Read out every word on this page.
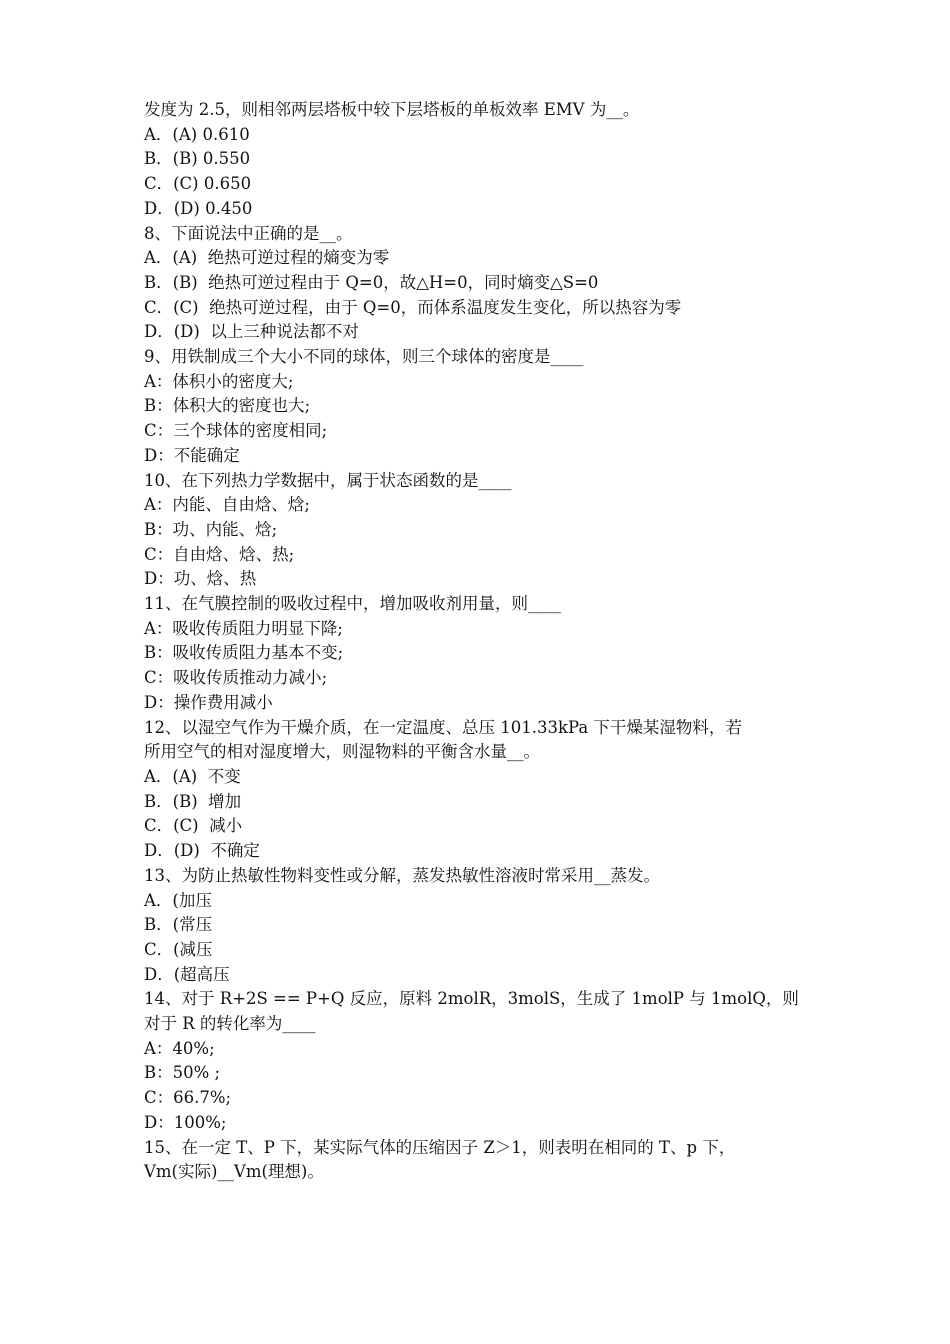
发度为 2.5，则相邻两层塔板中较下层塔板的单板效率 EMV 为__。
A．(A) 0.610
B．(B) 0.550
C．(C) 0.650
D．(D) 0.450
8、下面说法中正确的是__。
A．(A)  绝热可逆过程的熵变为零
B．(B)  绝热可逆过程由于 Q=0，故△H=0，同时熵变△S=0
C．(C)  绝热可逆过程，由于 Q=0，而体系温度发生变化，所以热容为零
D．(D)  以上三种说法都不对
9、用铁制成三个大小不同的球体，则三个球体的密度是____
A：体积小的密度大;
B：体积大的密度也大;
C：三个球体的密度相同;
D：不能确定
10、在下列热力学数据中，属于状态函数的是____
A：内能、自由焓、焓;
B：功、内能、焓;
C：自由焓、焓、热;
D：功、焓、热
11、在气膜控制的吸收过程中，增加吸收剂用量，则____
A：吸收传质阻力明显下降;
B：吸收传质阻力基本不变;
C：吸收传质推动力减小;
D：操作费用减小
12、以湿空气作为干燥介质，在一定温度、总压 101.33kPa 下干燥某湿物料，若
所用空气的相对湿度增大，则湿物料的平衡含水量__。
A．(A)  不变
B．(B)  增加
C．(C)  减小
D．(D)  不确定
13、为防止热敏性物料变性或分解，蒸发热敏性溶液时常采用__蒸发。
A．(加压
B．(常压
C．(减压
D．(超高压
14、对于 R+2S == P+Q 反应，原料 2molR，3molS，生成了 1molP 与 1molQ，则
对于 R 的转化率为____
A：40%;
B：50% ;
C：66.7%;
D：100%;
15、在一定 T、P 下，某实际气体的压缩因子 Z＞1，则表明在相同的 T、p 下，
Vm(实际)__Vm(理想)。
